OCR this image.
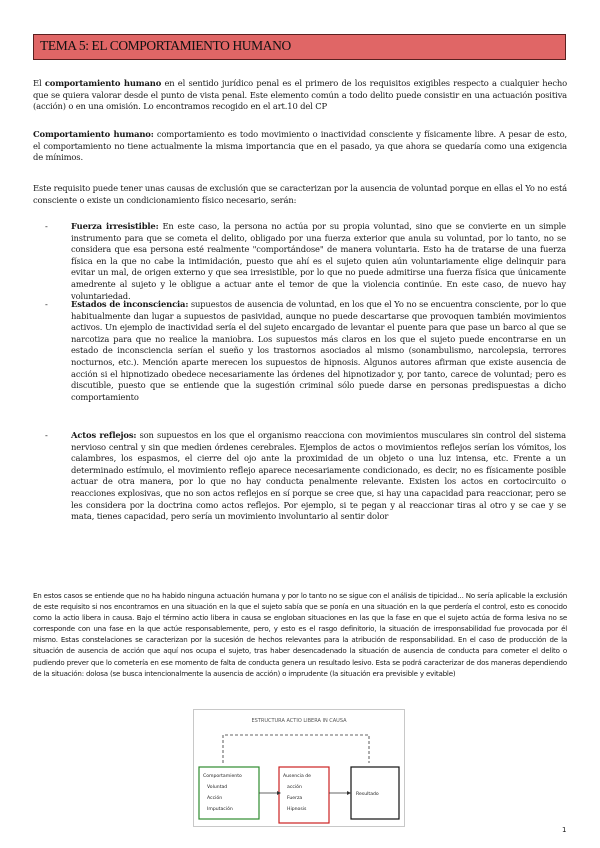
TEMA 5: EL COMPORTAMIENTO HUMANO

El comportamiento humano en el sentido jurídico penal es el primero de los requisitos exigibles respecto a cualquier hecho que se quiera valorar desde el punto de vista penal. Este elemento común a todo delito puede consistir en una actuación positiva (acción) o en una omisión. Lo encontramos recogido en el art.10 del CP

Comportamiento humano: comportamiento es todo movimiento o inactividad consciente y físicamente libre. A pesar de esto, el comportamiento no tiene actualmente la misma importancia que en el pasado, ya que ahora se quedaría como una exigencia de mínimos.

Este requisito puede tener unas causas de exclusión que se caracterizan por la ausencia de voluntad porque en ellas el Yo no está consciente o existe un condicionamiento físico necesario, serán:

-	Fuerza irresistible: En este caso, la persona no actúa por su propia voluntad, sino que se convierte en un simple instrumento para que se cometa el delito, obligado por una fuerza exterior que anula su voluntad, por lo tanto, no se considera que esa persona esté realmente "comportándose" de manera voluntaria. Esto ha de tratarse de una fuerza física en la que no cabe la intimidación, puesto que ahí es el sujeto quien aún voluntariamente elige delinquir para evitar un mal, de origen externo y que sea irresistible, por lo que no puede admitirse una fuerza física que únicamente amedrente al sujeto y le obligue a actuar ante el temor de que la violencia continúe. En este caso, de nuevo hay voluntariedad.
-	Estados de inconsciencia: supuestos de ausencia de voluntad, en los que el Yo no se encuentra consciente, por lo que habitualmente dan lugar a supuestos de pasividad, aunque no puede descartarse que provoquen también movimientos activos. Un ejemplo de inactividad sería el del sujeto encargado de levantar el puente para que pase un barco al que se narcotiza para que no realice la maniobra. Los supuestos más claros en los que el sujeto puede encontrarse en un estado de inconsciencia serían el sueño y los trastornos asociados al mismo (sonambulismo, narcolepsia, terrores nocturnos, etc.). Mención aparte merecen los supuestos de hipnosis. Algunos autores afirman que existe ausencia de acción si el hipnotizado obedece necesariamente las órdenes del hipnotizador y, por tanto, carece de voluntad; pero es discutible, puesto que se entiende que la sugestión criminal sólo puede darse en personas predispuestas a dicho comportamiento
-	Actos reflejos: son supuestos en los que el organismo reacciona con movimientos musculares sin control del sistema nervioso central y sin que medien órdenes cerebrales. Ejemplos de actos o movimientos reflejos serían los vómitos, los calambres, los espasmos, el cierre del ojo ante la proximidad de un objeto o una luz intensa, etc. Frente a un determinado estímulo, el movimiento reflejo aparece necesariamente condicionado, es decir, no es físicamente posible actuar de otra manera, por lo que no hay conducta penalmente relevante. Existen los actos en cortocircuito o reacciones explosivas, que no son actos reflejos en sí porque se cree que, si hay una capacidad para reaccionar, pero se les considera por la doctrina como actos reflejos. Por ejemplo, si te pegan y al reaccionar tiras al otro y se cae y se mata, tienes capacidad, pero sería un movimiento involuntario al sentir dolor

En estos casos se entiende que no ha habido ninguna actuación humana y por lo tanto no se sigue con el análisis de tipicidad... No sería aplicable la exclusión de este requisito si nos encontramos en una situación en la que el sujeto sabía que se ponía en una situación en la que perdería el control, esto es conocido como la actio libera in causa. Bajo el término actio libera in causa se engloban situaciones en las que la fase en que el sujeto actúa de forma lesiva no se corresponde con una fase en la que actúe responsablemente, pero, y esto es el rasgo definitorio, la situación de irresponsabilidad fue provocada por él mismo. Estas constelaciones se caracterizan por la sucesión de hechos relevantes para la atribución de responsabilidad. En el caso de producción de la situación de ausencia de acción que aquí nos ocupa el sujeto, tras haber desencadenado la situación de ausencia de conducta para cometer el delito o pudiendo prever que lo cometería en ese momento de falta de conducta genera un resultado lesivo. Esta se podrá caracterizar de dos maneras dependiendo de la situación: dolosa (se busca intencionalmente la ausencia de acción) o imprudente (la situación era previsible y evitable)

ESTRUCTURA ACTIO LIBERA IN CAUSA
Comportamiento
Voluntad
Acción
Imputación
Ausencia de
acción
Fuerza
Hipnosis
Resultado
1
